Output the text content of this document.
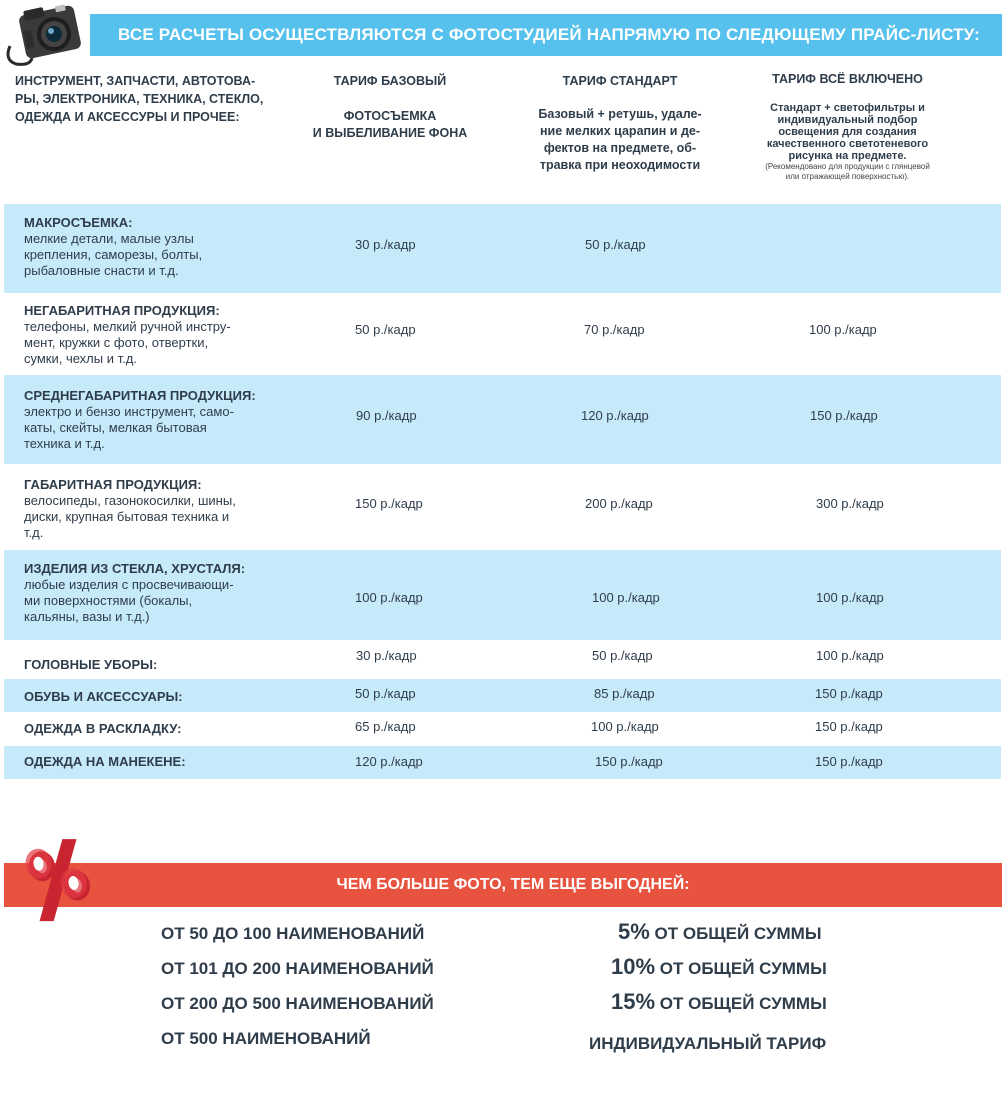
ВСЕ РАСЧЕТЫ ОСУЩЕСТВЛЯЮТСЯ С ФОТОСТУДИЕЙ НАПРЯМУЮ ПО СЛЕДЮЩЕМУ ПРАЙС-ЛИСТУ:
ИНСТРУМЕНТ, ЗАПЧАСТИ, АВТОТОВА-
РЫ, ЭЛЕКТРОНИКА, ТЕХНИКА, СТЕКЛО,
ОДЕЖДА И АКСЕССУРЫ И ПРОЧЕЕ:
ТАРИФ БАЗОВЫЙ
ФОТОСЪЕМКА
И ВЫБЕЛИВАНИЕ ФОНА
ТАРИФ СТАНДАРТ
Базовый + ретушь, удале-
ние мелких царапин и де-
фектов на предмете, об-
травка при неоходимости
ТАРИФ ВСЁ ВКЛЮЧЕНО
Стандарт + светофильтры и
индивидуальный подбор
освещения для создания
качественного светотеневого
рисунка на предмете.
(Рекомендовано для продукции с глянцевой
или отражающей поверхностью).
МАКРОСЪЕМКА:
мелкие детали, малые узлы
крепления, саморезы, болты,
рыбаловные снасти и т.д.
30 р./кадр	50 р./кадр
НЕГАБАРИТНАЯ ПРОДУКЦИЯ:
телефоны, мелкий ручной инстру-
мент, кружки с фото, отвертки,
сумки, чехлы и т.д.
50 р./кадр	70 р./кадр	100 р./кадр
СРЕДНЕГАБАРИТНАЯ ПРОДУКЦИЯ:
электро и бензо инструмент, само-
каты, скейты, мелкая бытовая
техника и т.д.
90 р./кадр	120 р./кадр	150 р./кадр
ГАБАРИТНАЯ ПРОДУКЦИЯ:
велосипеды, газонокосилки, шины,
диски, крупная бытовая техника и
т.д.
150 р./кадр	200 р./кадр	300 р./кадр
ИЗДЕЛИЯ ИЗ СТЕКЛА, ХРУСТАЛЯ:
любые изделия с просвечивающи-
ми поверхностями (бокалы,
кальяны, вазы и т.д.)
100 р./кадр	100 р./кадр	100 р./кадр
ГОЛОВНЫЕ УБОРЫ:
30 р./кадр	50 р./кадр	100 р./кадр
ОБУВЬ И АКСЕССУАРЫ:	50 р./кадр	85 р./кадр	150 р./кадр
ОДЕЖДА В РАСКЛАДКУ:	65 р./кадр	100 р./кадр	150 р./кадр
ОДЕЖДА НА МАНЕКЕНЕ:	120 р./кадр	150 р./кадр	150 р./кадр
ЧЕМ БОЛЬШЕ ФОТО, ТЕМ ЕЩЕ ВЫГОДНЕЙ:
ОТ 50 ДО 100 НАИМЕНОВАНИЙ	5% ОТ ОБЩЕЙ СУММЫ
ОТ 101 ДО 200 НАИМЕНОВАНИЙ	10% ОТ ОБЩЕЙ СУММЫ
ОТ 200 ДО 500 НАИМЕНОВАНИЙ	15% ОТ ОБЩЕЙ СУММЫ
ОТ 500 НАИМЕНОВАНИЙ	ИНДИВИДУАЛЬНЫЙ ТАРИФ
